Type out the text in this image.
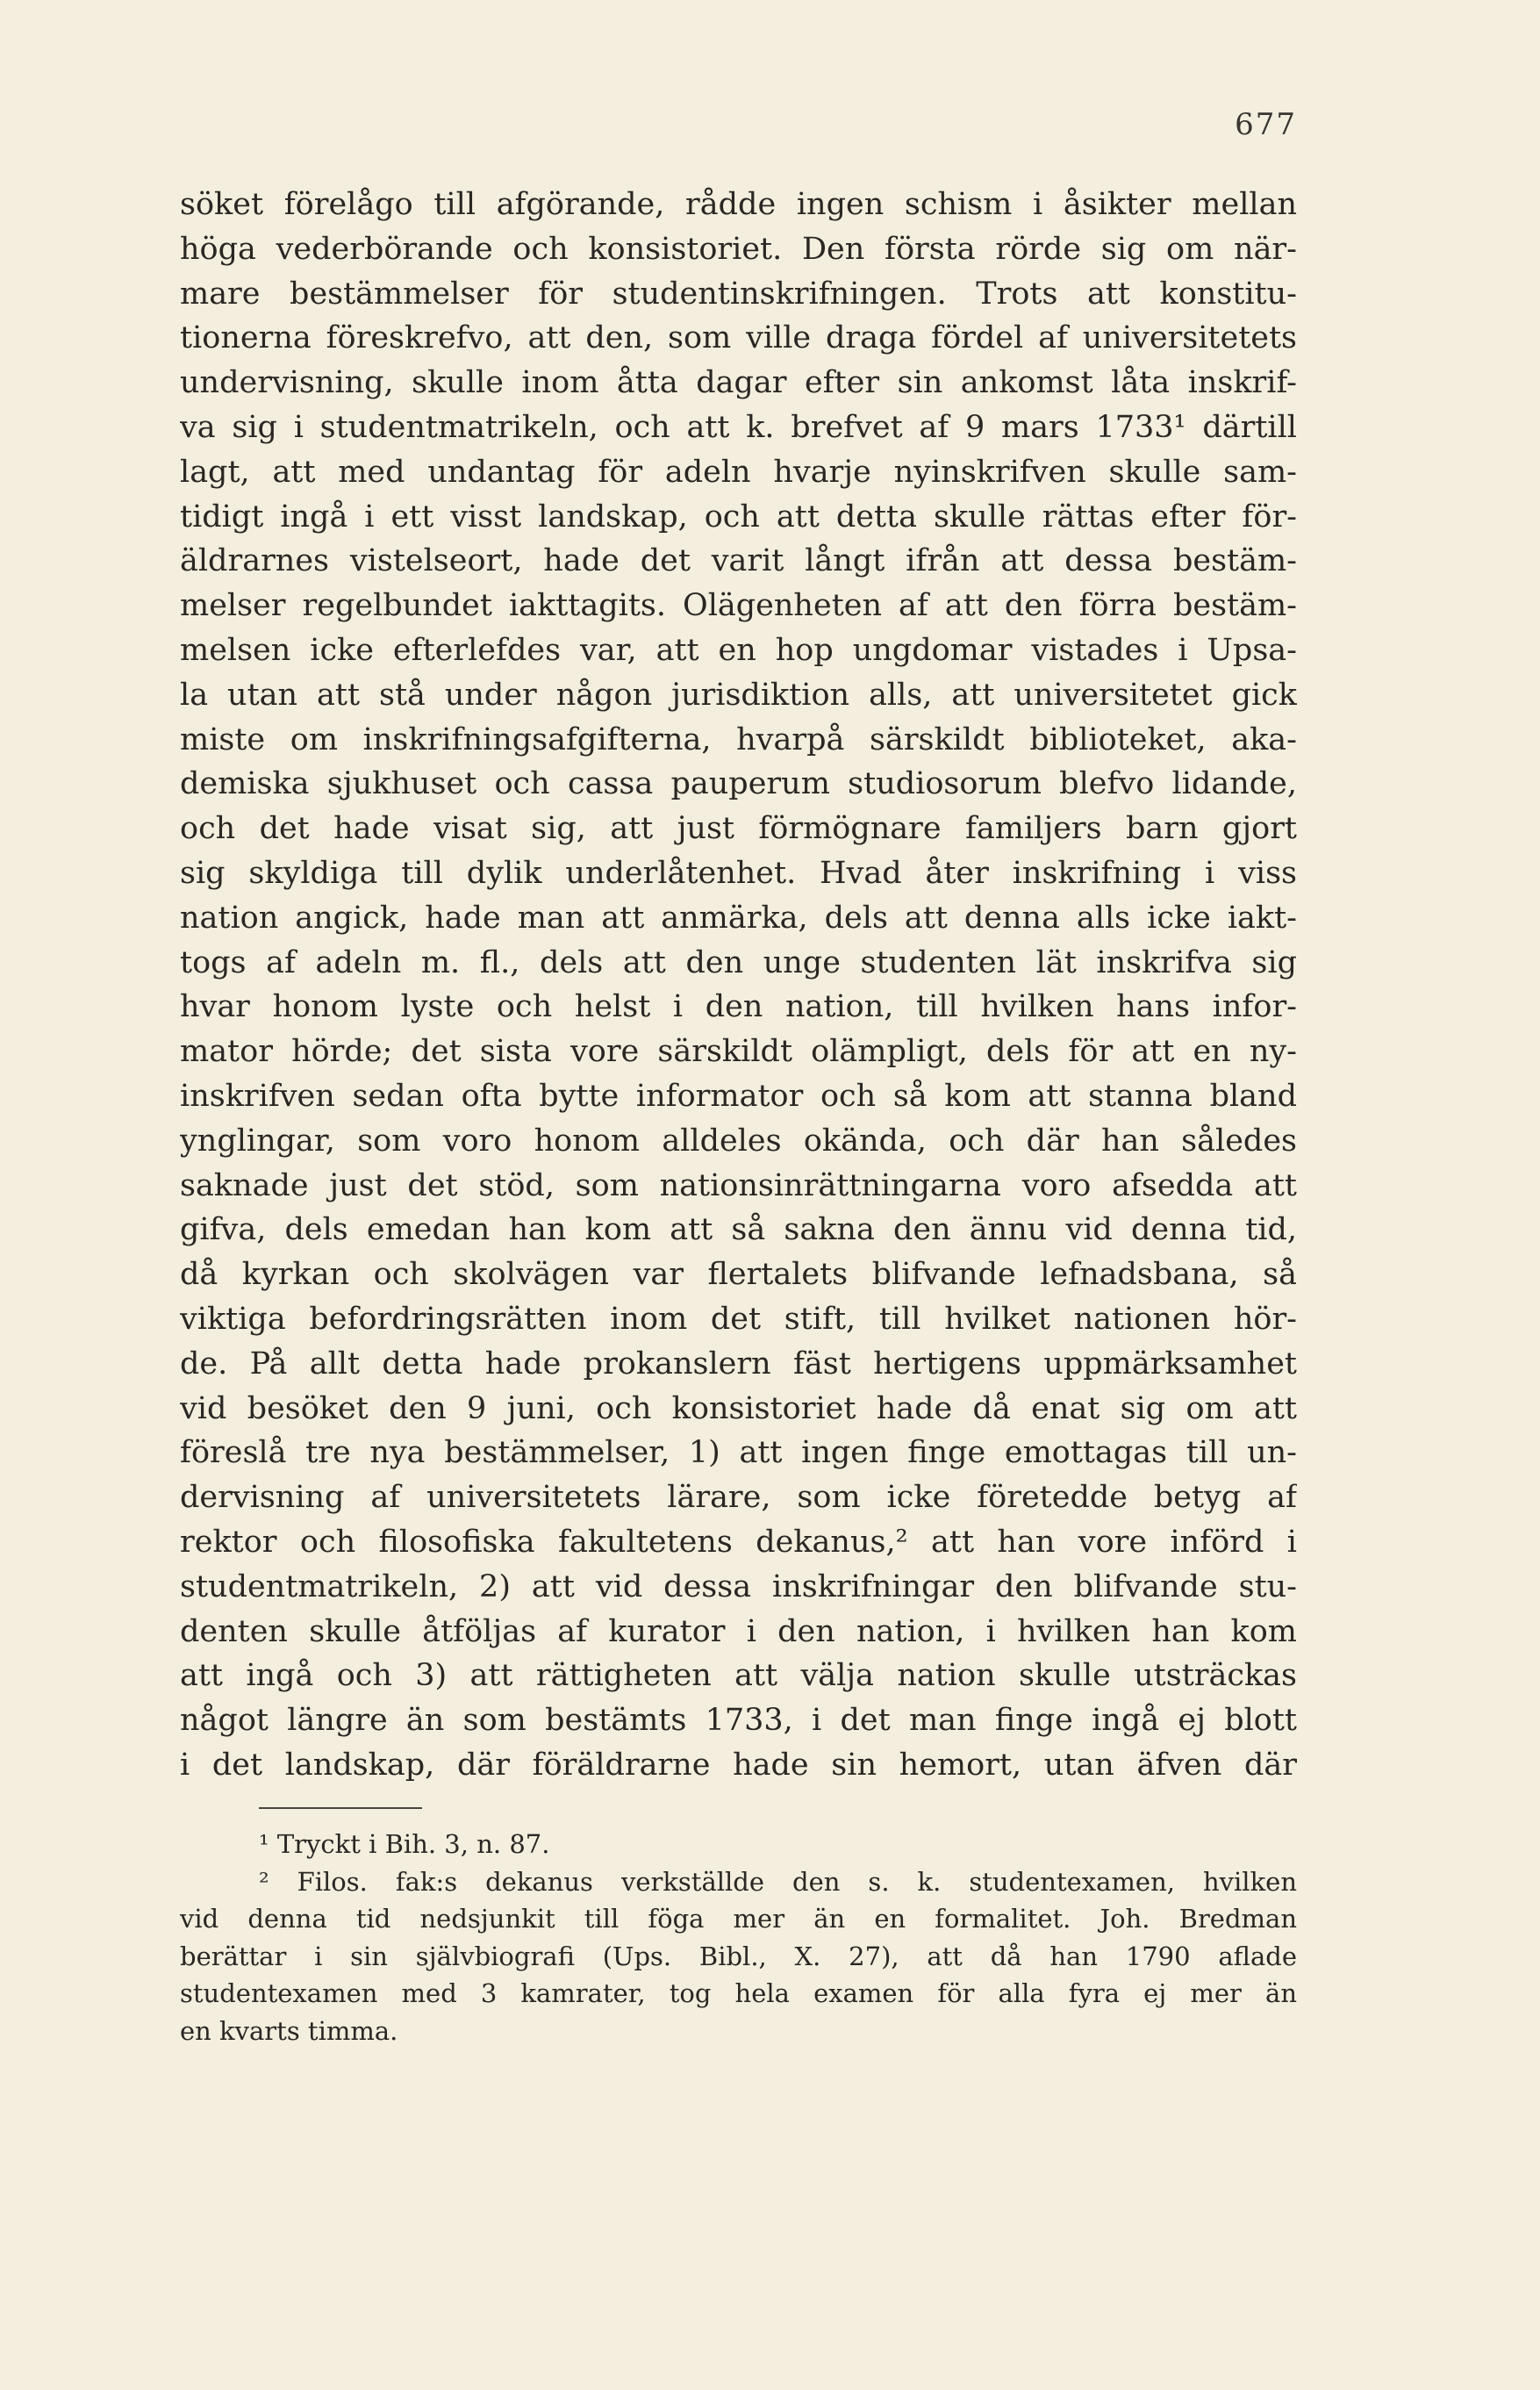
677
söket förelågo till afgörande, rådde ingen schism i åsikter mellan
höga vederbörande och konsistoriet. Den första rörde sig om när-
mare bestämmelser för studentinskrifningen. Trots att konstitu-
tionerna föreskrefvo, att den, som ville draga fördel af universitetets
undervisning, skulle inom åtta dagar efter sin ankomst låta inskrif-
va sig i studentmatrikeln, och att k. brefvet af 9 mars 1733¹ därtill
lagt, att med undantag för adeln hvarje nyinskrifven skulle sam-
tidigt ingå i ett visst landskap, och att detta skulle rättas efter för-
äldrarnes vistelseort, hade det varit långt ifrån att dessa bestäm-
melser regelbundet iakttagits. Olägenheten af att den förra bestäm-
melsen icke efterlefdes var, att en hop ungdomar vistades i Upsa-
la utan att stå under någon jurisdiktion alls, att universitetet gick
miste om inskrifningsafgifterna, hvarpå särskildt biblioteket, aka-
demiska sjukhuset och cassa pauperum studiosorum blefvo lidande,
och det hade visat sig, att just förmögnare familjers barn gjort
sig skyldiga till dylik underlåtenhet. Hvad åter inskrifning i viss
nation angick, hade man att anmärka, dels att denna alls icke iakt-
togs af adeln m. fl., dels att den unge studenten lät inskrifva sig
hvar honom lyste och helst i den nation, till hvilken hans infor-
mator hörde; det sista vore särskildt olämpligt, dels för att en ny-
inskrifven sedan ofta bytte informator och så kom att stanna bland
ynglingar, som voro honom alldeles okända, och där han således
saknade just det stöd, som nationsinrättningarna voro afsedda att
gifva, dels emedan han kom att så sakna den ännu vid denna tid,
då kyrkan och skolvägen var flertalets blifvande lefnadsbana, så
viktiga befordringsrätten inom det stift, till hvilket nationen hör-
de. På allt detta hade prokanslern fäst hertigens uppmärksamhet
vid besöket den 9 juni, och konsistoriet hade då enat sig om att
föreslå tre nya bestämmelser, 1) att ingen finge emottagas till un-
dervisning af universitetets lärare, som icke företedde betyg af
rektor och filosofiska fakultetens dekanus,² att han vore införd i
studentmatrikeln, 2) att vid dessa inskrifningar den blifvande stu-
denten skulle åtföljas af kurator i den nation, i hvilken han kom
att ingå och 3) att rättigheten att välja nation skulle utsträckas
något längre än som bestämts 1733, i det man finge ingå ej blott
i det landskap, där föräldrarne hade sin hemort, utan äfven där
¹ Tryckt i Bih. 3, n. 87.
² Filos. fak:s dekanus verkställde den s. k. studentexamen, hvilken
vid denna tid nedsjunkit till föga mer än en formalitet. Joh. Bredman
berättar i sin självbiografi (Ups. Bibl., X. 27), att då han 1790 aflade
studentexamen med 3 kamrater, tog hela examen för alla fyra ej mer än
en kvarts timma.
